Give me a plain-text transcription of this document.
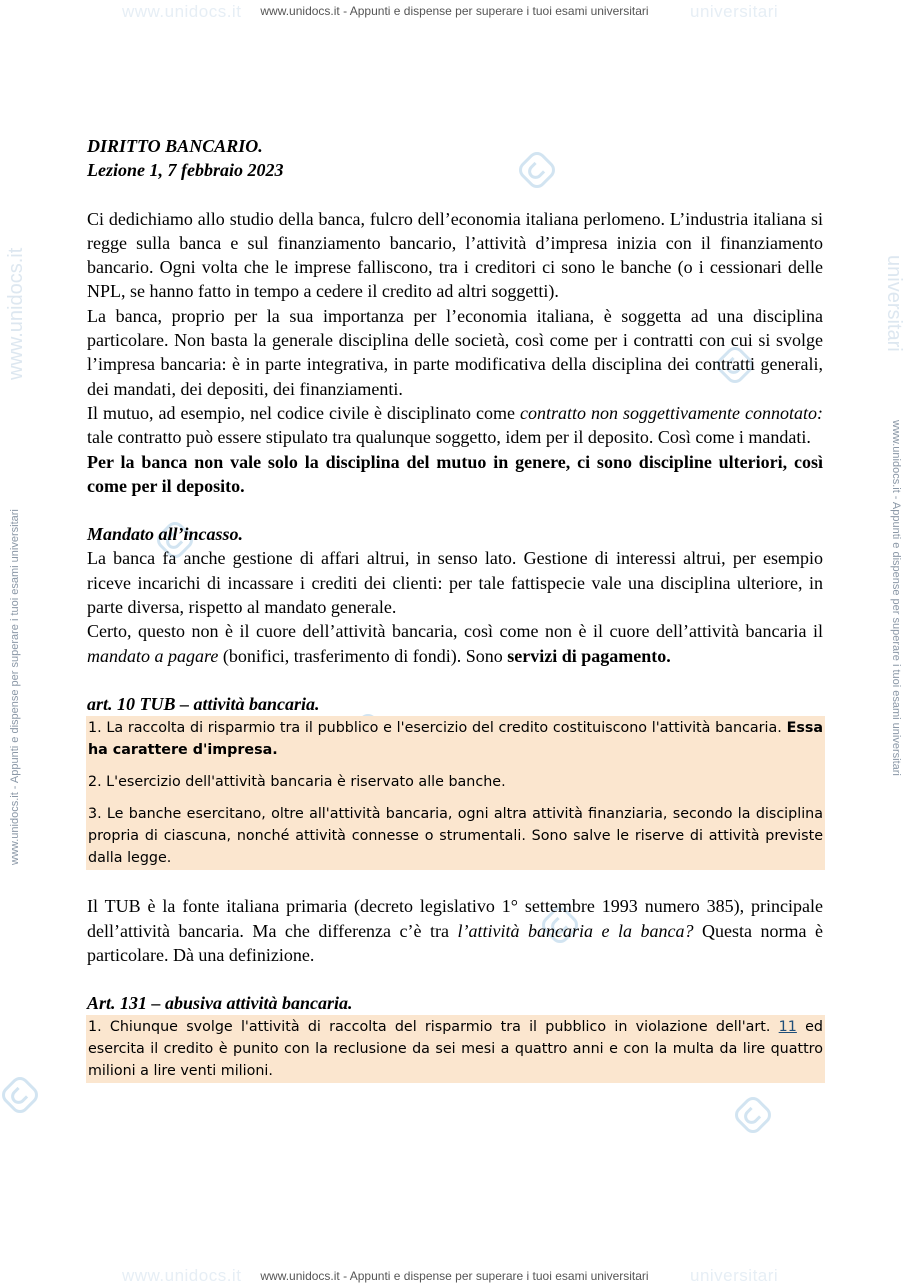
www.unidocs.it	universitari
www.unidocs.it - Appunti e dispense per superare i tuoi esami universitari
www.unidocs.it	universitari
www.unidocs.it - Appunti e dispense per superare i tuoi esami universitari
www.unidocs.it - Appunti e dispense per superare i tuoi esami universitari
www.unidocs.it
www.unidocs.it - Appunti e dispense per superare i tuoi esami universitari
universitari

DIRITTO BANCARIO.

Lezione 1, 7 febbraio 2023

Ci dedichiamo allo studio della banca, fulcro dell’economia italiana perlomeno. L’industria italiana si regge sulla banca e sul finanziamento bancario, l’attività d’impresa inizia con il finanziamento bancario. Ogni volta che le imprese falliscono, tra i creditori ci sono le banche (o i cessionari delle NPL, se hanno fatto in tempo a cedere il credito ad altri soggetti).

La banca, proprio per la sua importanza per l’economia italiana, è soggetta ad una disciplina particolare. Non basta la generale disciplina delle società, così come per i contratti con cui si svolge l’impresa bancaria: è in parte integrativa, in parte modificativa della disciplina dei contratti generali, dei mandati, dei depositi, dei finanziamenti.

Il mutuo, ad esempio, nel codice civile è disciplinato come contratto non soggettivamente connotato: tale contratto può essere stipulato tra qualunque soggetto, idem per il deposito. Così come i mandati.

Per la banca non vale solo la disciplina del mutuo in genere, ci sono discipline ulteriori, così come per il deposito.

Mandato all’incasso.

La banca fa anche gestione di affari altrui, in senso lato. Gestione di interessi altrui, per esempio riceve incarichi di incassare i crediti dei clienti: per tale fattispecie vale una disciplina ulteriore, in parte diversa, rispetto al mandato generale.

Certo, questo non è il cuore dell’attività bancaria, così come non è il cuore dell’attività bancaria il mandato a pagare (bonifici, trasferimento di fondi). Sono servizi di pagamento.

art. 10 TUB – attività bancaria.

1. La raccolta di risparmio tra il pubblico e l'esercizio del credito costituiscono l'attività bancaria. Essa ha carattere d'impresa.

2. L'esercizio dell'attività bancaria è riservato alle banche.

3. Le banche esercitano, oltre all'attività bancaria, ogni altra attività finanziaria, secondo la disciplina propria di ciascuna, nonché attività connesse o strumentali. Sono salve le riserve di attività previste dalla legge.

Il TUB è la fonte italiana primaria (decreto legislativo 1° settembre 1993 numero 385), principale dell’attività bancaria. Ma che differenza c’è tra l’attività bancaria e la banca? Questa norma è particolare. Dà una definizione.

Art. 131 – abusiva attività bancaria.

1. Chiunque svolge l'attività di raccolta del risparmio tra il pubblico in violazione dell'art. 11 ed esercita il credito è punito con la reclusione da sei mesi a quattro anni e con la multa da lire quattro milioni a lire venti milioni.
